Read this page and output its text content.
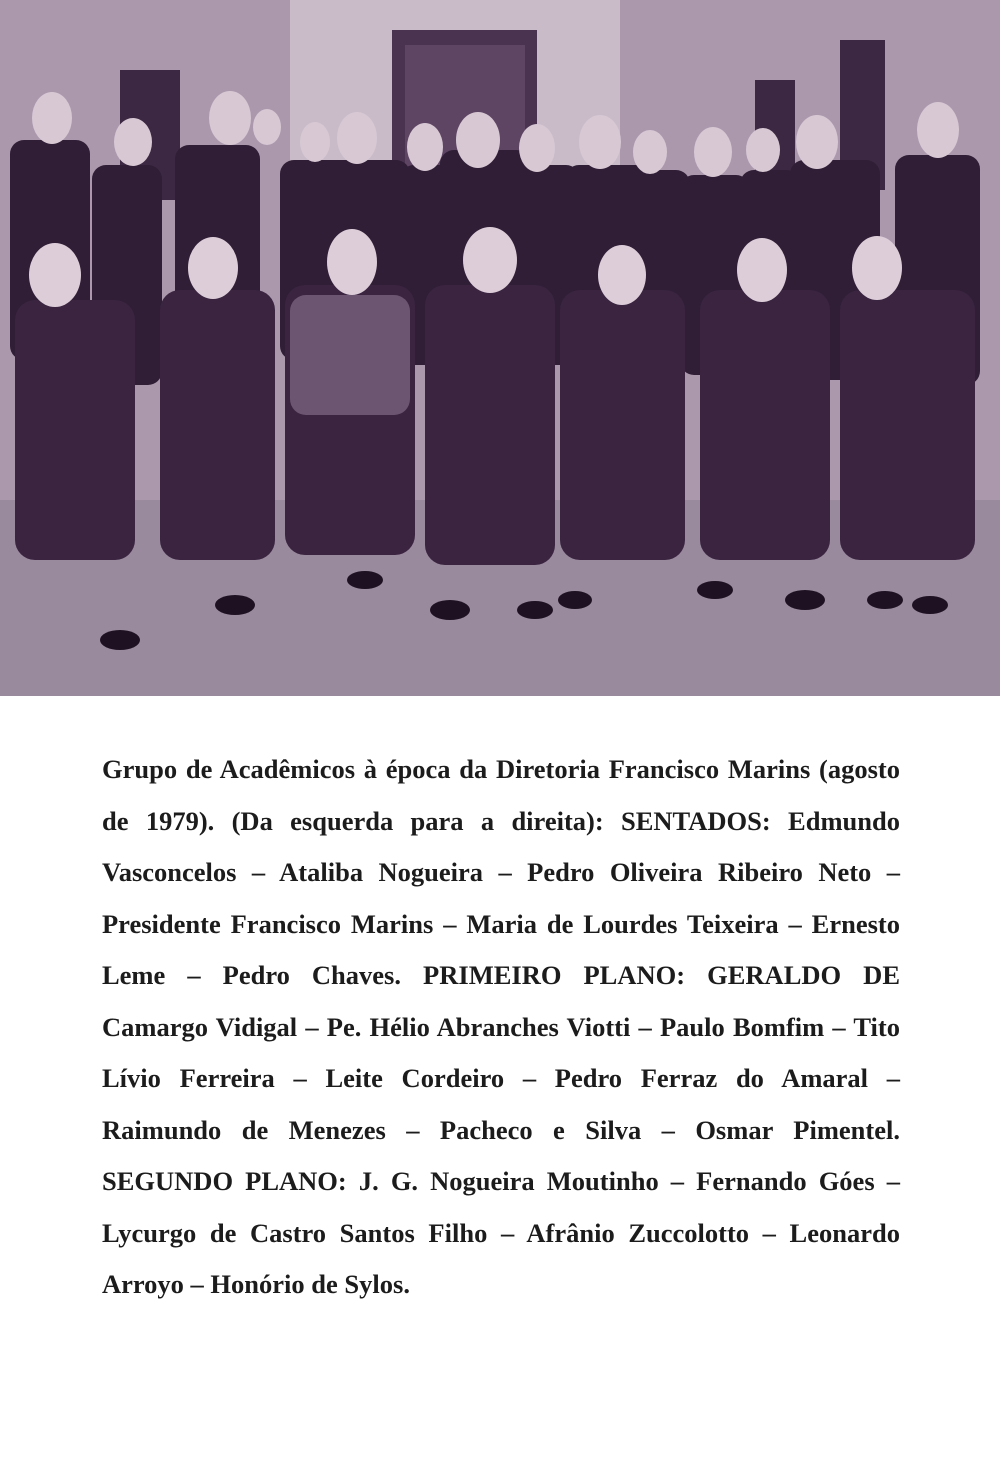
Grupo de Acadêmicos à época da Diretoria Francisco Marins (agosto de 1979). (Da esquerda para a direita): SENTADOS: Edmundo Vasconcelos – Ataliba Nogueira – Pedro Oliveira Ribeiro Neto – Presidente Francisco Marins – Maria de Lourdes Teixeira – Ernesto Leme – Pedro Chaves. PRIMEIRO PLANO: GERALDO DE Camargo Vidigal – Pe. Hélio Abranches Viotti – Paulo Bomfim – Tito Lívio Ferreira – Leite Cordeiro – Pedro Ferraz do Amaral – Raimundo de Menezes – Pacheco e Silva – Osmar Pimentel. SEGUNDO PLANO: J. G. Nogueira Moutinho – Fernando Góes – Lycurgo de Castro Santos Filho – Afrânio Zuccolotto – Leonardo Arroyo – Honório de Sylos.
